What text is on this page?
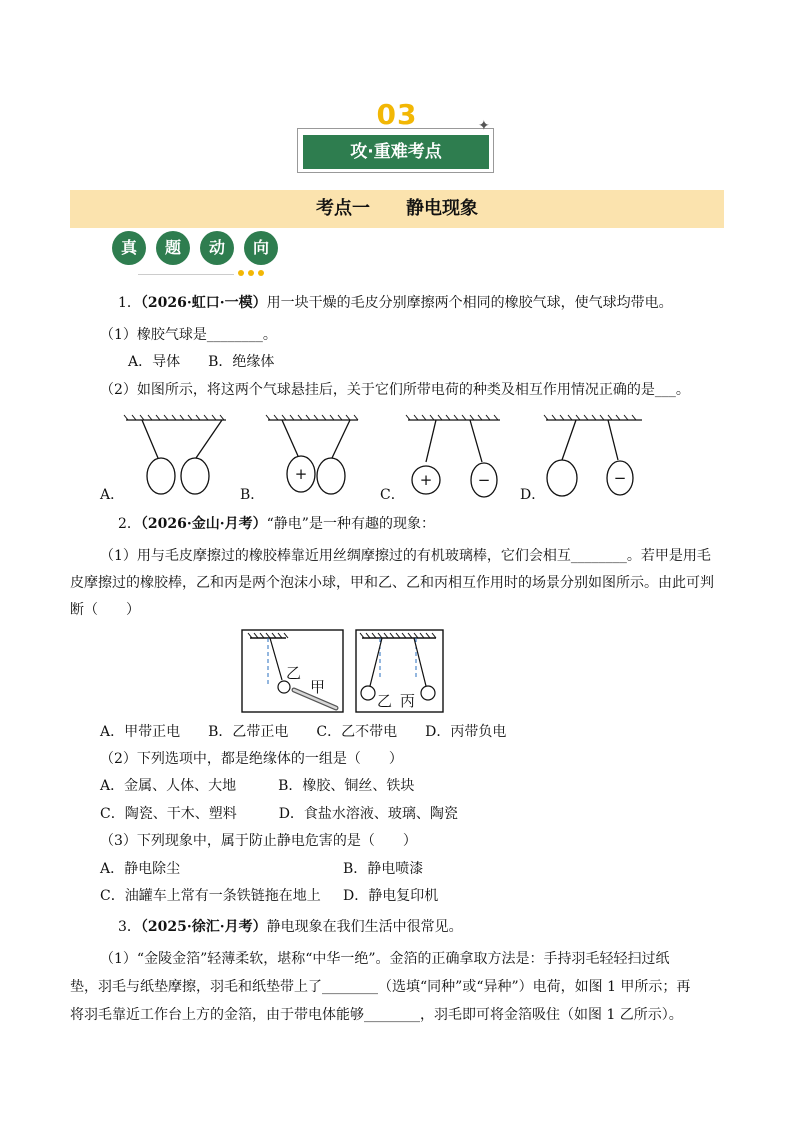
03
攻·重难考点
✦
考点一　　静电现象
真	题	动	向
1．（2026·虹口·一模）用一块干燥的毛皮分别摩擦两个相同的橡胶气球，使气球均带电。
（1）橡胶气球是________。
A．导体　　B．绝缘体
（2）如图所示，将这两个气球悬挂后，关于它们所带电荷的种类及相互作用情况正确的是___。
+	+	−	−
A．	B．	C．	D．
2．（2026·金山·月考）“静电”是一种有趣的现象：
（1）用与毛皮摩擦过的橡胶棒靠近用丝绸摩擦过的有机玻璃棒，它们会相互________。若甲是用毛
皮摩擦过的橡胶棒，乙和丙是两个泡沫小球，甲和乙、乙和丙相互作用时的场景分别如图所示。由此可判
断（　　）
乙
甲
乙 丙
A．甲带正电　　B．乙带正电　　C．乙不带电　　D．丙带负电
（2）下列选项中，都是绝缘体的一组是（　　）
A．金属、人体、大地　　　B．橡胶、铜丝、铁块
C．陶瓷、干木、塑料　　　D．食盐水溶液、玻璃、陶瓷
（3）下列现象中，属于防止静电危害的是（　　）
A．静电除尘	B．静电喷漆
C．油罐车上常有一条铁链拖在地上 D．静电复印机
3．（2025·徐汇·月考）静电现象在我们生活中很常见。
（1）“金陵金箔”轻薄柔软，堪称“中华一绝”。金箔的正确拿取方法是：手持羽毛轻轻扫过纸
垫，羽毛与纸垫摩擦，羽毛和纸垫带上了________（选填“同种”或“异种”）电荷，如图 1 甲所示；再
将羽毛靠近工作台上方的金箔，由于带电体能够________，羽毛即可将金箔吸住（如图 1 乙所示）。
